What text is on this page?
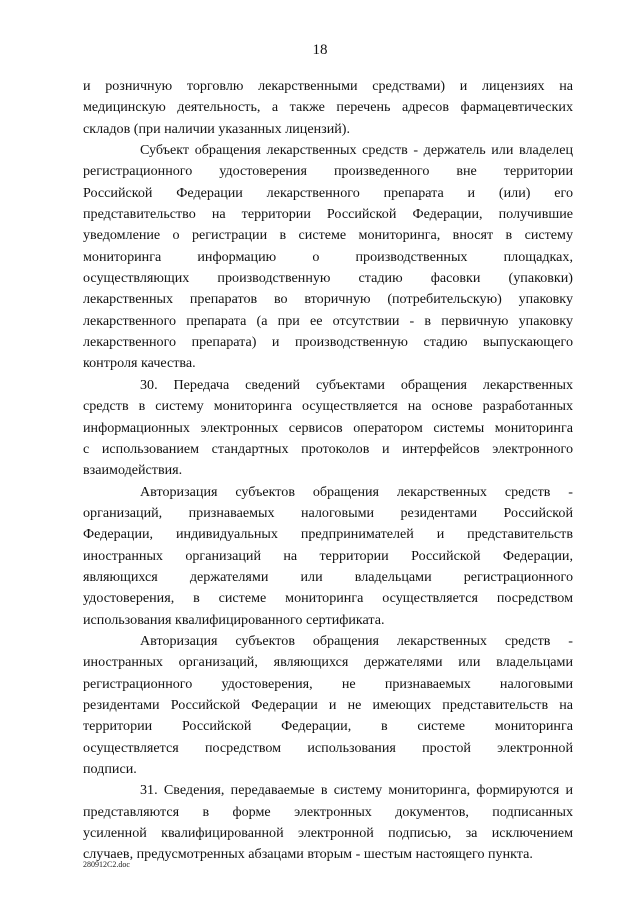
18
и розничную торговлю лекарственными средствами) и лицензиях на
медицинскую деятельность, а также перечень адресов фармацевтических
складов (при наличии указанных лицензий).
Субъект обращения лекарственных средств - держатель или владелец
регистрационного удостоверения произведенного вне территории
Российской Федерации лекарственного препарата и (или) его
представительство на территории Российской Федерации, получившие
уведомление о регистрации в системе мониторинга, вносят в систему
мониторинга информацию о производственных площадках,
осуществляющих производственную стадию фасовки (упаковки)
лекарственных препаратов во вторичную (потребительскую) упаковку
лекарственного препарата (а при ее отсутствии - в первичную упаковку
лекарственного препарата) и производственную стадию выпускающего
контроля качества.
30. Передача сведений субъектами обращения лекарственных
средств в систему мониторинга осуществляется на основе разработанных
информационных электронных сервисов оператором системы мониторинга
с использованием стандартных протоколов и интерфейсов электронного
взаимодействия.
Авторизация субъектов обращения лекарственных средств -
организаций, признаваемых налоговыми резидентами Российской
Федерации, индивидуальных предпринимателей и представительств
иностранных организаций на территории Российской Федерации,
являющихся держателями или владельцами регистрационного
удостоверения, в системе мониторинга осуществляется посредством
использования квалифицированного сертификата.
Авторизация субъектов обращения лекарственных средств -
иностранных организаций, являющихся держателями или владельцами
регистрационного удостоверения, не признаваемых налоговыми
резидентами Российской Федерации и не имеющих представительств на
территории Российской Федерации, в системе мониторинга
осуществляется посредством использования простой электронной
подписи.
31. Сведения, передаваемые в систему мониторинга, формируются и
представляются в форме электронных документов, подписанных
усиленной квалифицированной электронной подписью, за исключением
случаев, предусмотренных абзацами вторым - шестым настоящего пункта.
280912C2.doc
